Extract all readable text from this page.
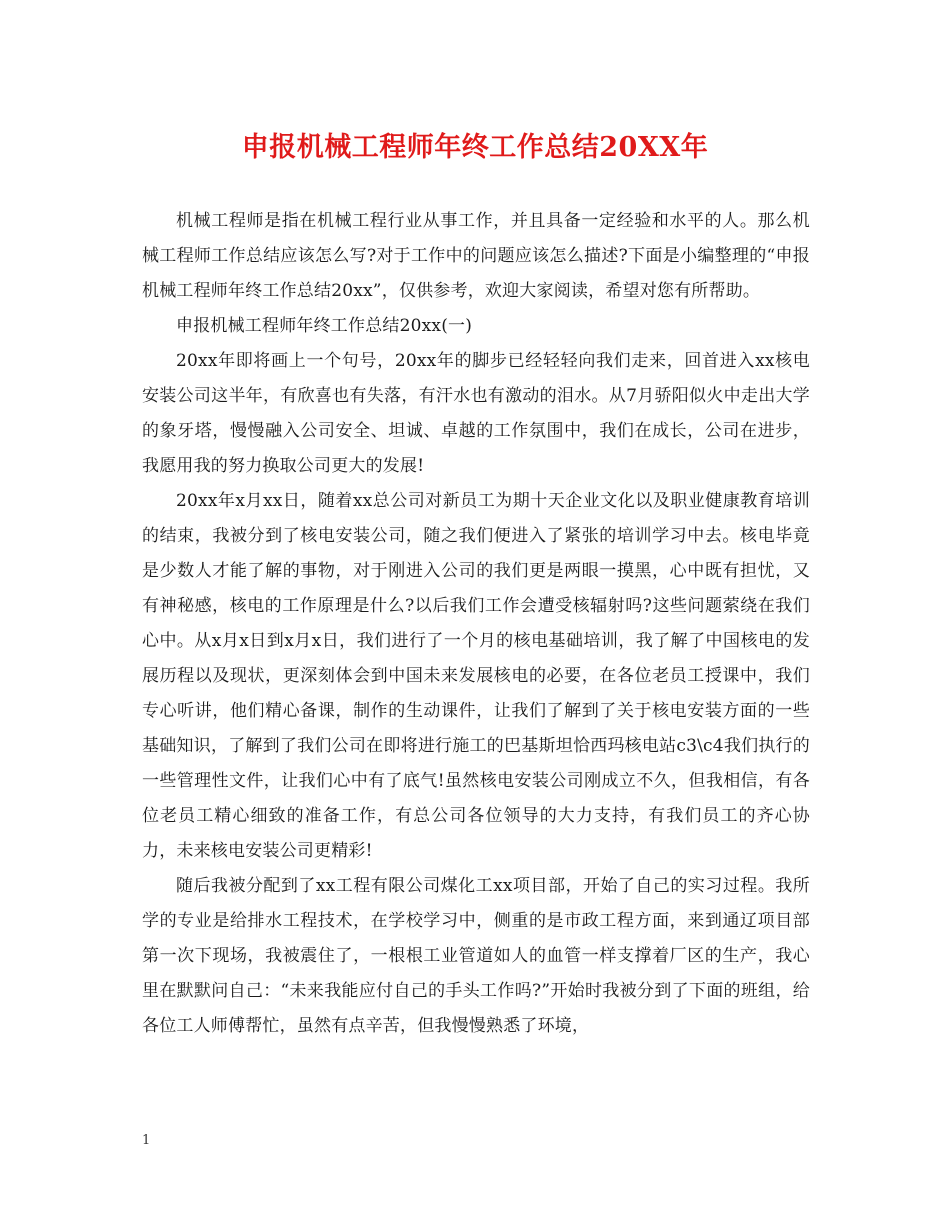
申报机械工程师年终工作总结20XX年

机械工程师是指在机械工程行业从事工作，并且具备一定经验和水平的人。那么机械工程师工作总结应该怎么写?对于工作中的问题应该怎么描述?下面是小编整理的“申报机械工程师年终工作总结20xx”，仅供参考，欢迎大家阅读，希望对您有所帮助。

申报机械工程师年终工作总结20xx(一)

20xx年即将画上一个句号，20xx年的脚步已经轻轻向我们走来，回首进入xx核电安装公司这半年，有欣喜也有失落，有汗水也有激动的泪水。从7月骄阳似火中走出大学的象牙塔，慢慢融入公司安全、坦诚、卓越的工作氛围中，我们在成长，公司在进步，我愿用我的努力换取公司更大的发展!

20xx年x月xx日，随着xx总公司对新员工为期十天企业文化以及职业健康教育培训的结束，我被分到了核电安装公司，随之我们便进入了紧张的培训学习中去。核电毕竟是少数人才能了解的事物，对于刚进入公司的我们更是两眼一摸黑，心中既有担忧，又有神秘感，核电的工作原理是什么?以后我们工作会遭受核辐射吗?这些问题萦绕在我们心中。从x月x日到x月x日，我们进行了一个月的核电基础培训，我了解了中国核电的发展历程以及现状，更深刻体会到中国未来发展核电的必要，在各位老员工授课中，我们专心听讲，他们精心备课，制作的生动课件，让我们了解到了关于核电安装方面的一些基础知识，了解到了我们公司在即将进行施工的巴基斯坦恰西玛核电站c3\c4我们执行的一些管理性文件，让我们心中有了底气!虽然核电安装公司刚成立不久，但我相信，有各位老员工精心细致的准备工作，有总公司各位领导的大力支持，有我们员工的齐心协力，未来核电安装公司更精彩!

随后我被分配到了xx工程有限公司煤化工xx项目部，开始了自己的实习过程。我所学的专业是给排水工程技术，在学校学习中，侧重的是市政工程方面，来到通辽项目部第一次下现场，我被震住了，一根根工业管道如人的血管一样支撑着厂区的生产，我心里在默默问自己：“未来我能应付自己的手头工作吗?”开始时我被分到了下面的班组，给各位工人师傅帮忙，虽然有点辛苦，但我慢慢熟悉了环境，

1
